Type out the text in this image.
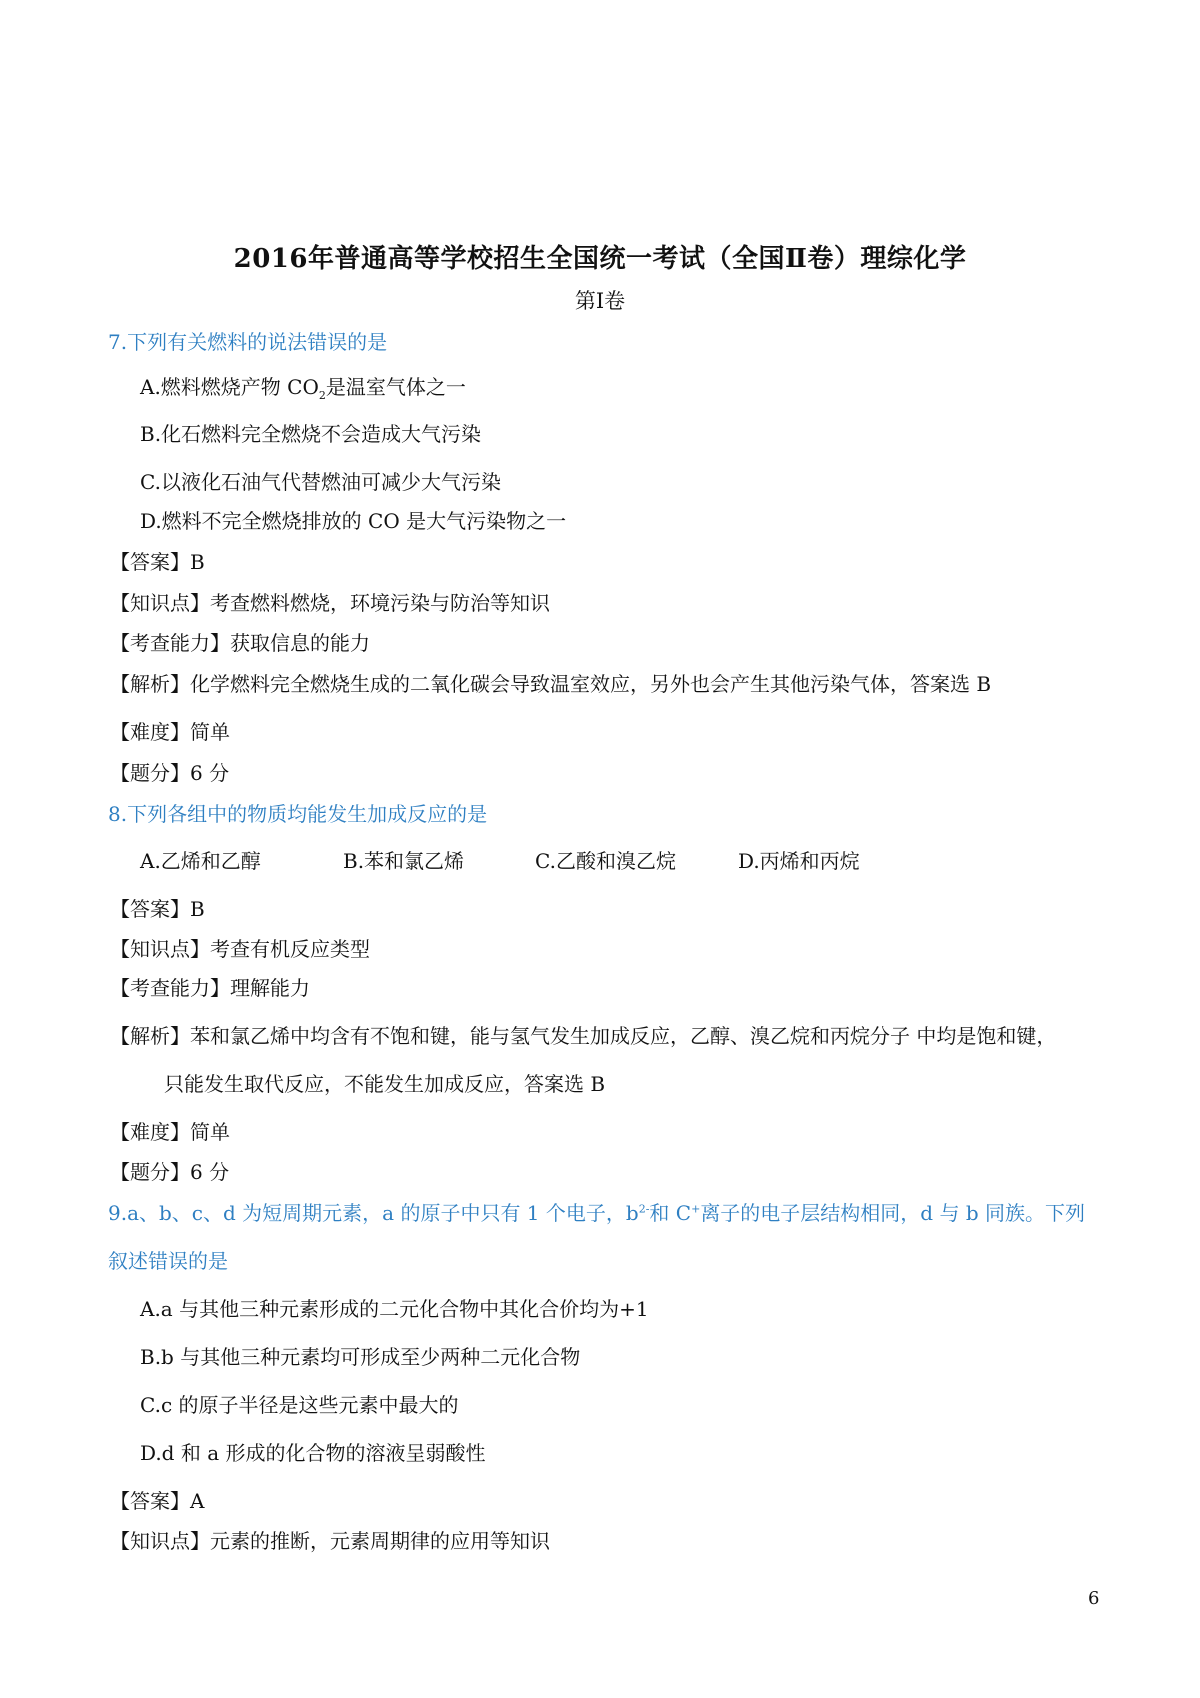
2016年普通高等学校招生全国统一考试（全国Ⅱ卷）理综化学
第Ⅰ卷
7.下列有关燃料的说法错误的是
A.燃料燃烧产物 $CO_2$是温室气体之一
B.化石燃料完全燃烧不会造成大气污染
C.以液化石油气代替燃油可减少大气污染
D.燃料不完全燃烧排放的 CO 是大气污染物之一
【答案】B
【知识点】考查燃料燃烧，环境污染与防治等知识
【考查能力】获取信息的能力
【解析】化学燃料完全燃烧生成的二氧化碳会导致温室效应，另外也会产生其他污染气体，答案选 B
【难度】简单
【题分】6 分
8.下列各组中的物质均能发生加成反应的是
A.乙烯和乙醇	B.苯和氯乙烯	C.乙酸和溴乙烷	D.丙烯和丙烷
【答案】B
【知识点】考查有机反应类型
【考查能力】理解能力
【解析】苯和氯乙烯中均含有不饱和键，能与氢气发生加成反应，乙醇、溴乙烷和丙烷分子 中均是饱和键，
只能发生取代反应，不能发生加成反应，答案选 B
【难度】简单
【题分】6 分
9.a、b、c、d 为短周期元素，a 的原子中只有 1 个电子，$b^{2-}$和 C+离子的电子层结构相同，d 与 b 同族。下列
叙述错误的是
A.a 与其他三种元素形成的二元化合物中其化合价均为+1
B.b 与其他三种元素均可形成至少两种二元化合物
C.c 的原子半径是这些元素中最大的
D.d 和 a 形成的化合物的溶液呈弱酸性
【答案】A
【知识点】元素的推断，元素周期律的应用等知识
6
